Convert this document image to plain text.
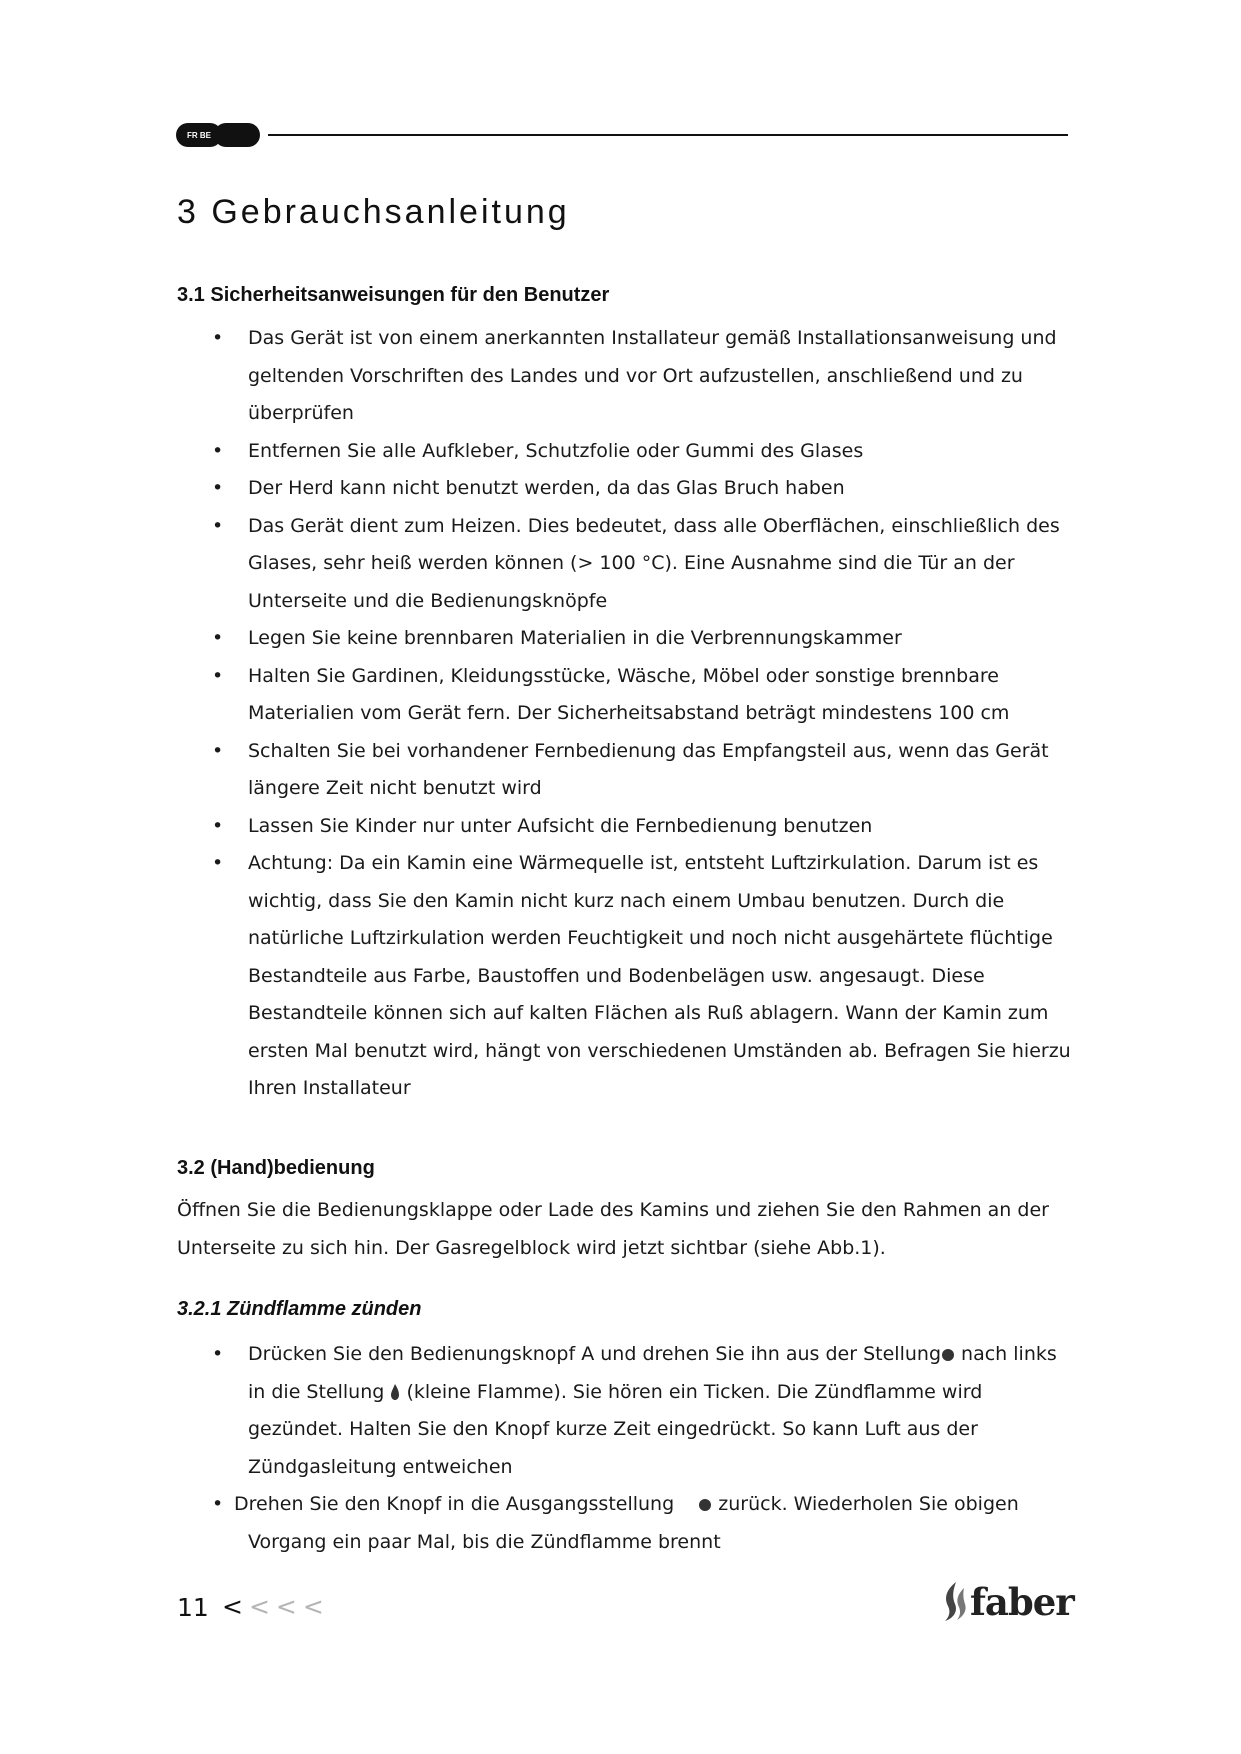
FR BE
3 Gebrauchsanleitung
3.1 Sicherheitsanweisungen für den Benutzer
• Das Gerät ist von einem anerkannten Installateur gemäß Installationsanweisung und geltenden Vorschriften des Landes und vor Ort aufzustellen, anschließend und zu überprüfen
• Entfernen Sie alle Aufkleber, Schutzfolie oder Gummi des Glases
• Der Herd kann nicht benutzt werden, da das Glas Bruch haben
• Das Gerät dient zum Heizen. Dies bedeutet, dass alle Oberflächen, einschließlich des Glases, sehr heiß werden können (> 100 °C). Eine Ausnahme sind die Tür an der Unterseite und die Bedienungsknöpfe
• Legen Sie keine brennbaren Materialien in die Verbrennungskammer
• Halten Sie Gardinen, Kleidungsstücke, Wäsche, Möbel oder sonstige brennbare Materialien vom Gerät fern. Der Sicherheitsabstand beträgt mindestens 100 cm
• Schalten Sie bei vorhandener Fernbedienung das Empfangsteil aus, wenn das Gerät längere Zeit nicht benutzt wird
• Lassen Sie Kinder nur unter Aufsicht die Fernbedienung benutzen
• Achtung: Da ein Kamin eine Wärmequelle ist, entsteht Luftzirkulation. Darum ist es wichtig, dass Sie den Kamin nicht kurz nach einem Umbau benutzen. Durch die natürliche Luftzirkulation werden Feuchtigkeit und noch nicht ausgehärtete flüchtige Bestandteile aus Farbe, Baustoffen und Bodenbelägen usw. angesaugt. Diese Bestandteile können sich auf kalten Flächen als Ruß ablagern. Wann der Kamin zum ersten Mal benutzt wird, hängt von verschiedenen Umständen ab. Befragen Sie hierzu Ihren Installateur
3.2 (Hand)bedienung

Öffnen Sie die Bedienungsklappe oder Lade des Kamins und ziehen Sie den Rahmen an der Unterseite zu sich hin. Der Gasregelblock wird jetzt sichtbar (siehe Abb.1).

3.2.1 Zündflamme zünden
• Drücken Sie den Bedienungsknopf A und drehen Sie ihn aus der Stellung nach links in die Stellung (kleine Flamme). Sie hören ein Ticken. Die Zündflamme wird gezündet. Halten Sie den Knopf kurze Zeit eingedrückt. So kann Luft aus der Zündgasleitung entweichen
• Drehen Sie den Knopf in die Ausgangsstellung zurück. Wiederholen Sie obigen Vorgang ein paar Mal, bis die Zündflamme brennt
11 < < < <	faber
